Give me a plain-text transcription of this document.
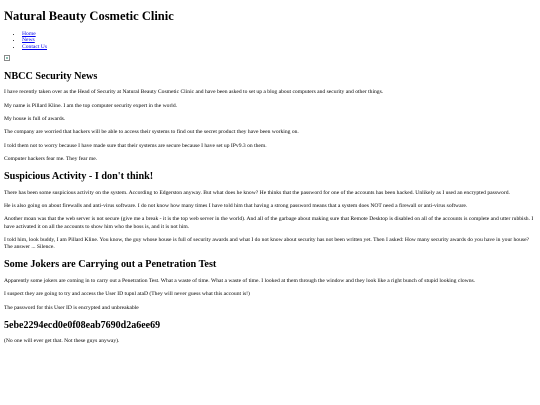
Natural Beauty Cosmetic Clinic
• Home
• News
• Contact Us
NBCC Security News

I have recently taken over as the Head of Security at Natural Beauty Cosmetic Clinic and have been asked to set up a blog about computers and security and other things.

My name is Pillard Kline. I am the top computer security expert in the world.

My house is full of awards.

The company are worried that hackers will be able to access their systems to find out the secret product they have been working on.

I told them not to worry because I have made sure that their systems are secure because I have set up IPv9.3 on them.

Computer hackers fear me. They fear me.

Suspicious Activity - I don't think!

There has been some suspicious activity on the system. According to Edgerston anyway. But what does he know? He thinks that the password for one of the accounts has been hacked. Unlikely as I used an encrypted password.

He is also going on about firewalls and anti-virus software. I do not know how many times I have told him that having a strong password means that a system does NOT need a firewall or anti-virus software.

Another moan was that the web server is not secure (give me a break - it is the top web server in the world). And all of the garbage about making sure that Remote Desktop is disabled on all of the accounts is complete and utter rubbish. I have activated it on all the accounts to show him who the boss is, and it is not him.

I told him, look buddy, I am Pillard Kline. You know, the guy whose house is full of security awards and what I do not know about security has not been written yet. Then I asked: How many security awards do you have in your house? The answer ... Silence.

Some Jokers are Carrying out a Penetration Test

Apparently some jokers are coming in to carry out a Penetration Test. What a waste of time. What a waste of time. I looked at them through the window and they look like a right bunch of stupid looking clowns.

I suspect they are going to try and access the User ID tupnl ataD (They will never guess what this account is!)

The password for this User ID is encrypted and unbreakable

5ebe2294ecd0e0f08eab7690d2a6ee69

(No one will ever get that. Not these guys anyway).
